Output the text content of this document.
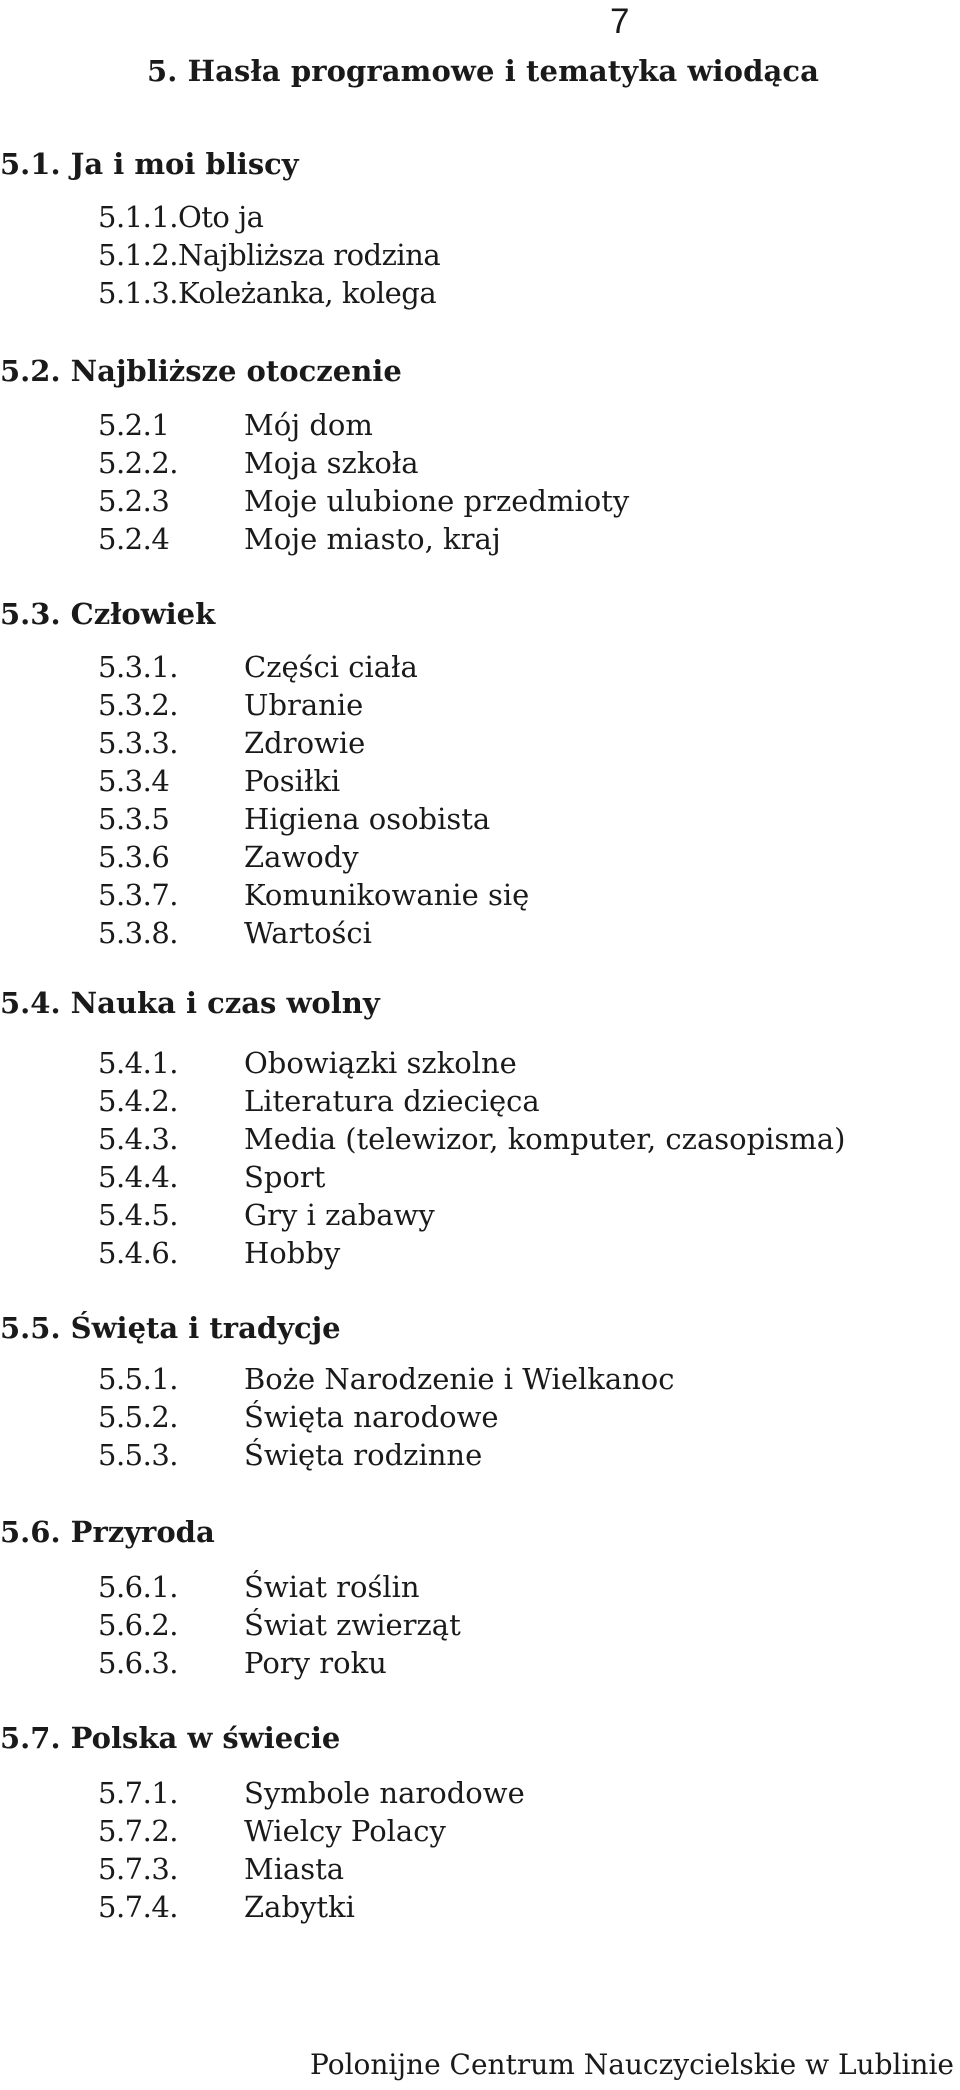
7
5. Hasła programowe i tematyka wiodąca
5.1. Ja i moi bliscy
5.1.1.Oto ja
5.1.2.Najbliższa rodzina
5.1.3.Koleżanka, kolega
5.2. Najbliższe otoczenie
5.2.1	Mój dom
5.2.2. Moja szkoła
5.2.3	Moje ulubione przedmioty
5.2.4	Moje miasto, kraj
5.3. Człowiek
5.3.1. Części ciała
5.3.2. Ubranie
5.3.3. Zdrowie
5.3.4	Posiłki
5.3.5	Higiena osobista
5.3.6	Zawody
5.3.7. Komunikowanie się
5.3.8. Wartości
5.4. Nauka i czas wolny
5.4.1. Obowiązki szkolne
5.4.2. Literatura dziecięca
5.4.3. Media (telewizor, komputer, czasopisma)
5.4.4. Sport
5.4.5. Gry i zabawy
5.4.6. Hobby
5.5. Święta i tradycje
5.5.1. Boże Narodzenie i Wielkanoc
5.5.2. Święta narodowe
5.5.3. Święta rodzinne
5.6. Przyroda
5.6.1. Świat roślin
5.6.2. Świat zwierząt
5.6.3. Pory roku
5.7. Polska w świecie
5.7.1. Symbole narodowe
5.7.2. Wielcy Polacy
5.7.3. Miasta
5.7.4. Zabytki
Polonijne Centrum Nauczycielskie w Lublinie
